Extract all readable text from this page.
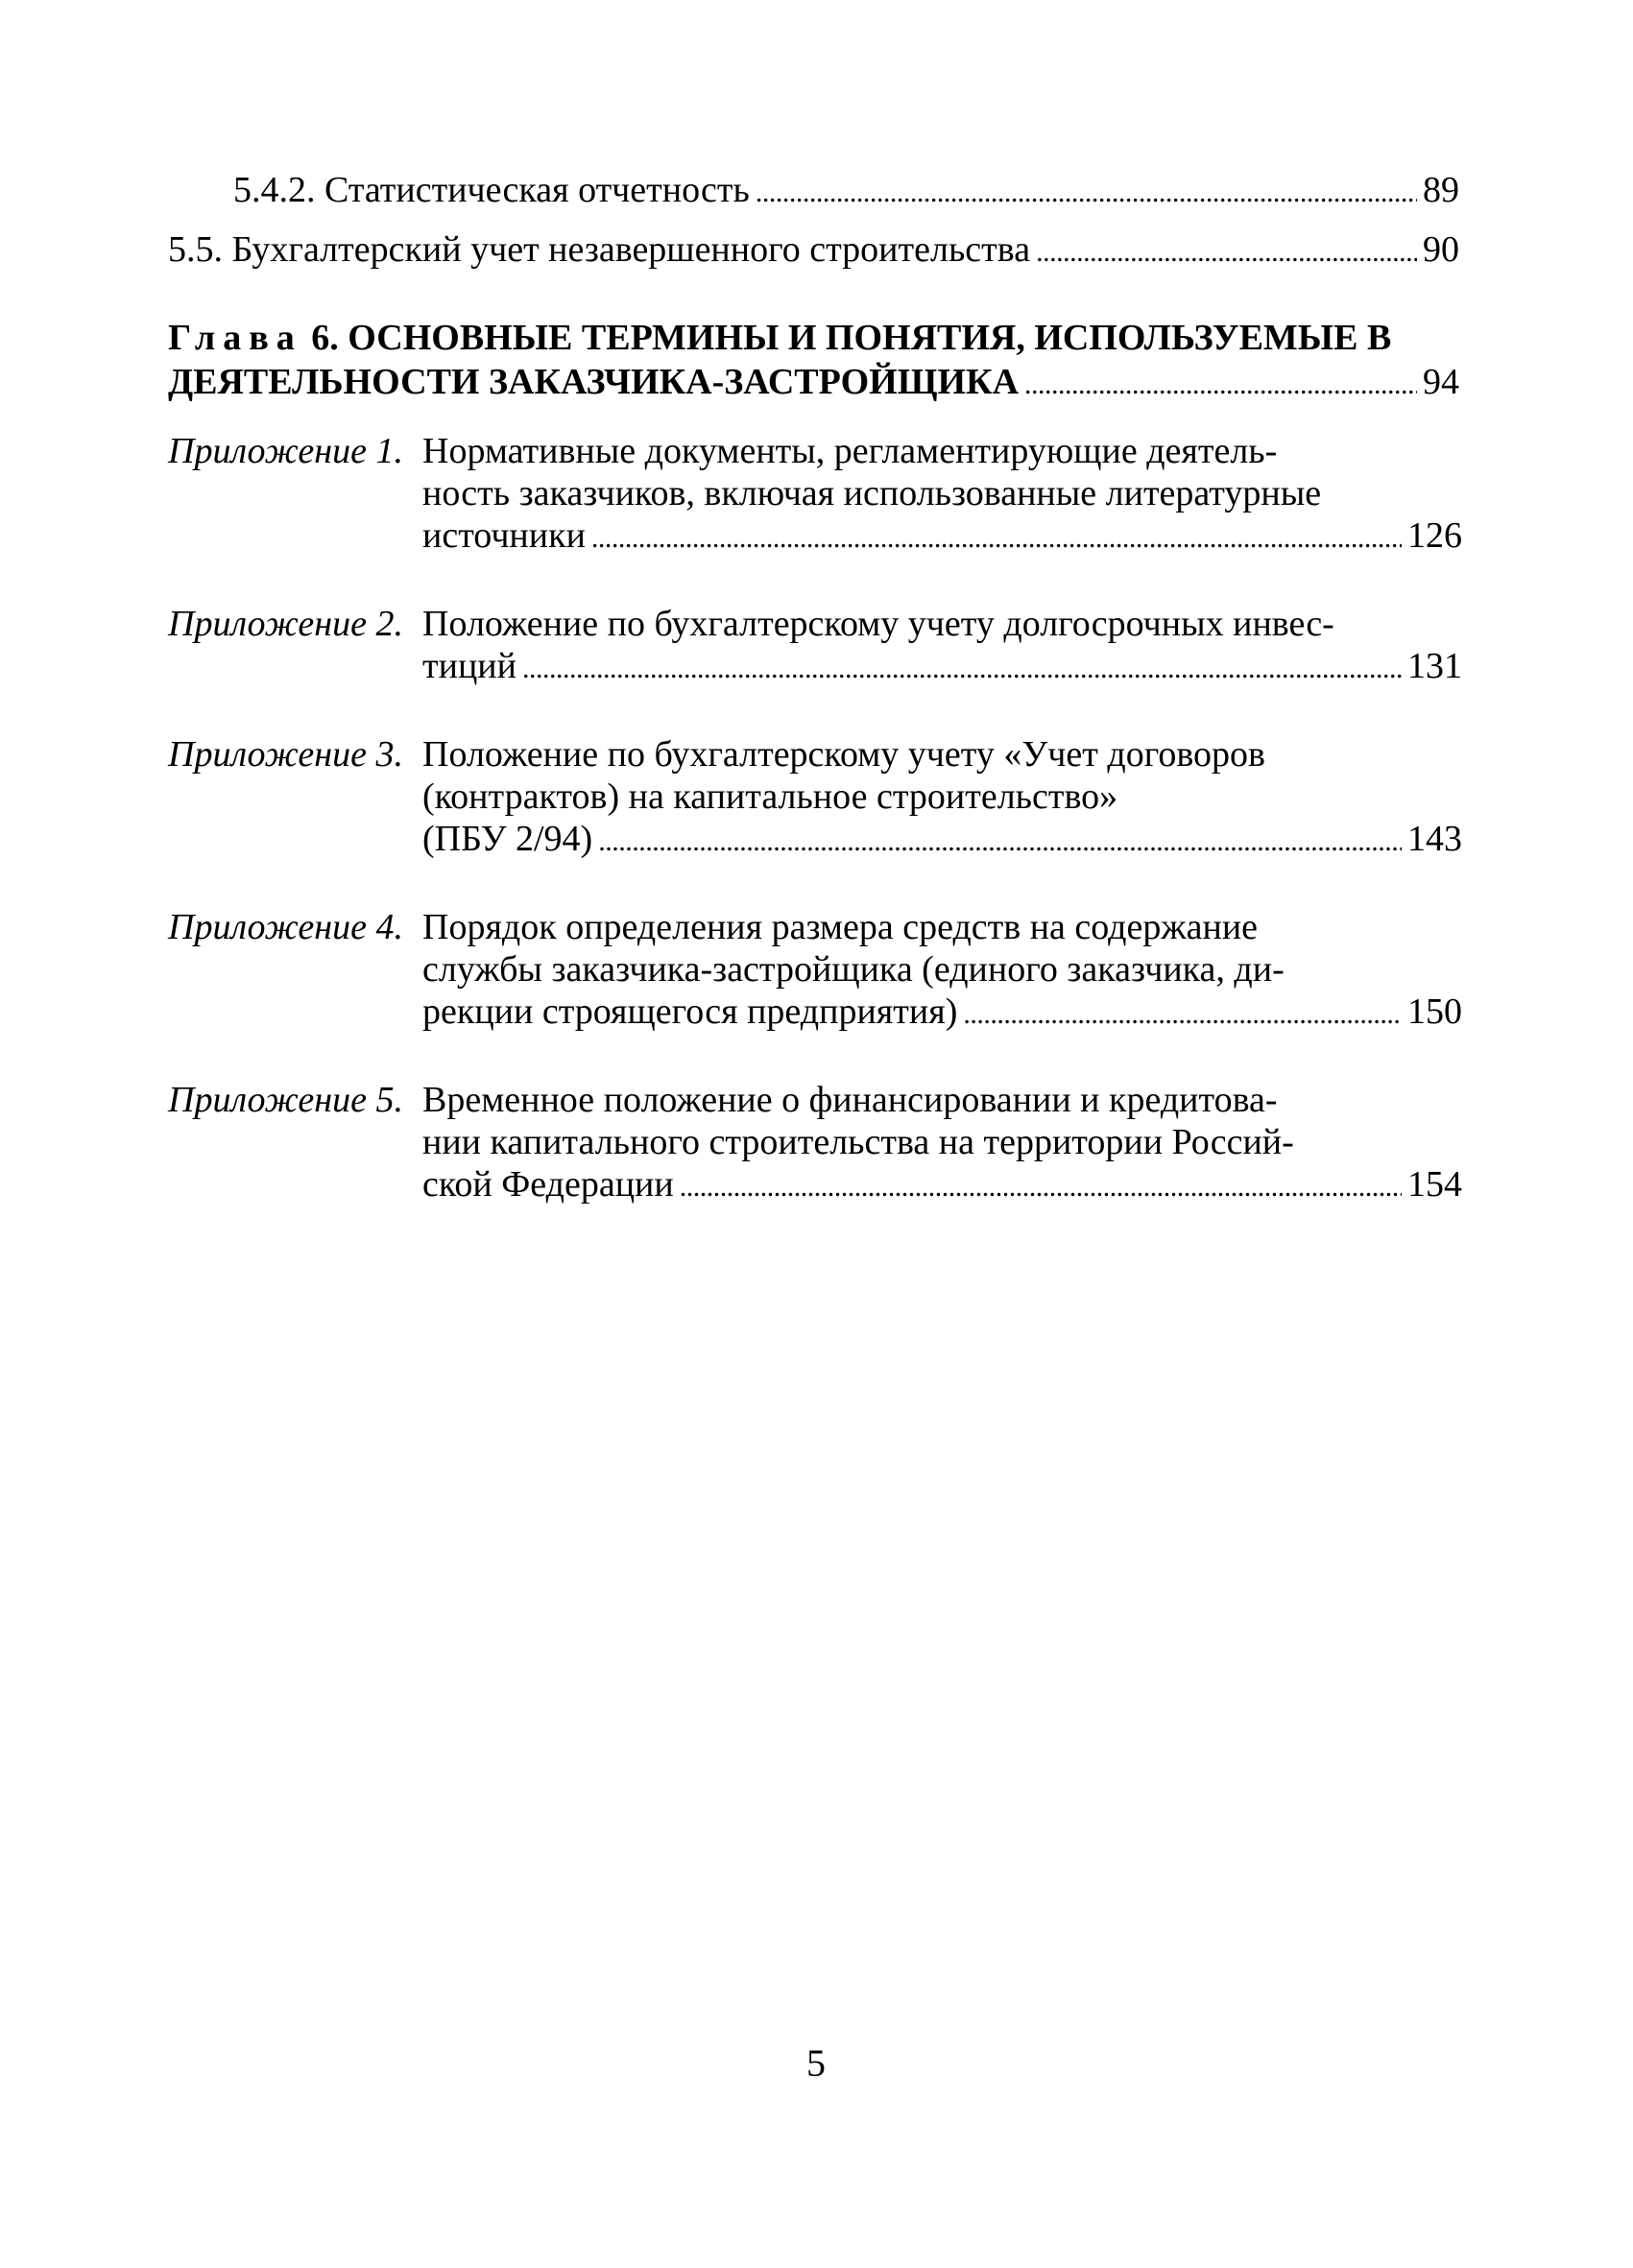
5.4.2. Статистическая отчетность . . .	89
5.5. Бухгалтерский учет незавершенного строительства . . .	90
Глава 6. ОСНОВНЫЕ ТЕРМИНЫ И ПОНЯТИЯ, ИСПОЛЬЗУЕМЫЕ В
ДЕЯТЕЛЬНОСТИ ЗАКАЗЧИКА-ЗАСТРОЙЩИКА . . .	94
Приложение 1. Нормативные документы, регламентирующие деятель-
ность заказчиков, включая использованные литературные
источники . . .	126
Приложение 2. Положение по бухгалтерскому учету долгосрочных инвес-
тиций . . .	131
Приложение 3. Положение по бухгалтерскому учету «Учет договоров
(контрактов) на капитальное строительство»
(ПБУ 2/94) . . .	143
Приложение 4. Порядок определения размера средств на содержание
службы заказчика-застройщика (единого заказчика, ди-
рекции строящегося предприятия) . . .	150
Приложение 5. Временное положение о финансировании и кредитова-
нии капитального строительства на территории Россий-
ской Федерации . . .	154
5
